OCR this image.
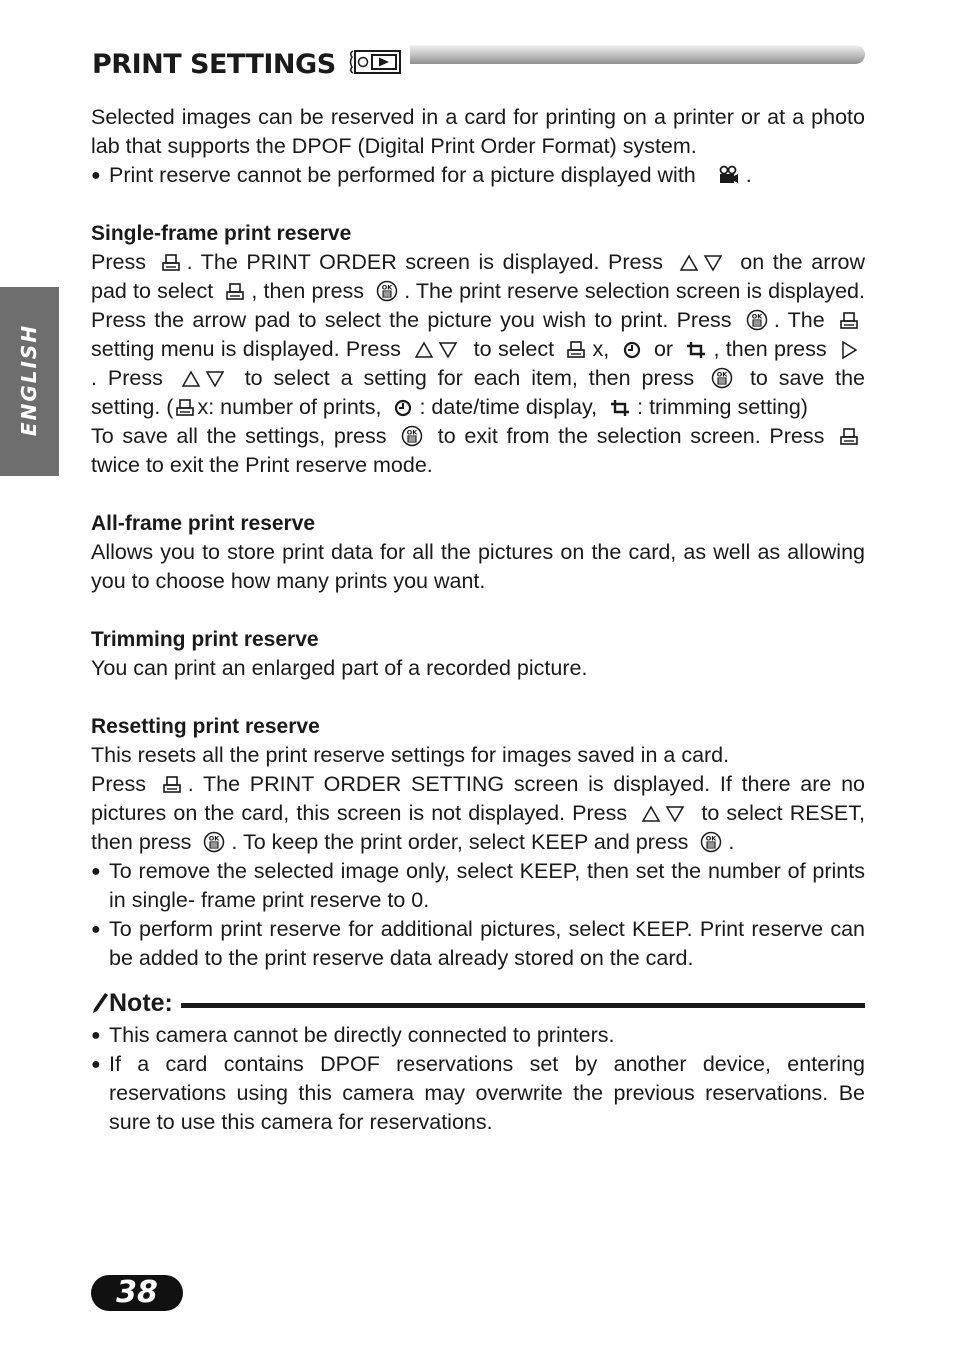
PRINT SETTINGS
ENGLISH

Selected images can be reserved in a card for printing on a printer or at a photo lab that supports the DPOF (Digital Print Order Format) system.

● Print reserve cannot be performed for a picture displayed with .

Single-frame print reserve

Press . The PRINT ORDER screen is displayed. Press	on the arrow pad to select , then press . The print reserve selection screen is displayed. Press the arrow pad to select the picture you wish to print. Press . The  setting menu is displayed. Press	to select x, or , then press . Press	to select a setting for each item, then press	to save the setting. ( x: number of prints, : date/time display, : trimming setting)

To save all the settings, press to exit from the selection screen. Press  twice to exit the Print reserve mode.

All-frame print reserve

Allows you to store print data for all the pictures on the card, as well as allowing you to choose how many prints you want.

Trimming print reserve

You can print an enlarged part of a recorded picture.

Resetting print reserve

This resets all the print reserve settings for images saved in a card.

Press . The PRINT ORDER SETTING screen is displayed. If there are no pictures on the card, this screen is not displayed. Press	to select RESET, then press . To keep the print order, select KEEP and press .

● To remove the selected image only, select KEEP, then set the number of prints in single- frame print reserve to 0.
● To perform print reserve for additional pictures, select KEEP. Print reserve can be added to the print reserve data already stored on the card.
Note:
● This camera cannot be directly connected to printers.
● If a card contains DPOF reservations set by another device, entering reservations using this camera may overwrite the previous reservations. Be sure to use this camera for reservations.
38
